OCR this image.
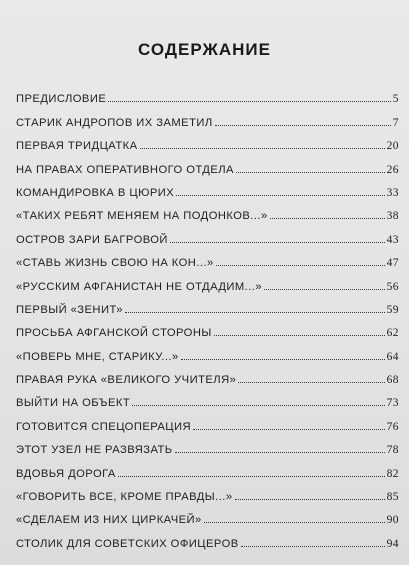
СОДЕРЖАНИЕ
ПРЕДИСЛОВИЕ	5
СТАРИК АНДРОПОВ ИХ ЗАМЕТИЛ	7
ПЕРВАЯ ТРИДЦАТКА	20
НА ПРАВАХ ОПЕРАТИВНОГО ОТДЕЛА	26
КОМАНДИРОВКА В ЦЮРИХ	33
«ТАКИХ РЕБЯТ МЕНЯЕМ НА ПОДОНКОВ...»	38
ОСТРОВ ЗАРИ БАГРОВОЙ	43
«СТАВЬ ЖИЗНЬ СВОЮ НА КОН...»	47
«РУССКИМ АФГАНИСТАН НЕ ОТДАДИМ...»	56
ПЕРВЫЙ «ЗЕНИТ»	59
ПРОСЬБА АФГАНСКОЙ СТОРОНЫ	62
«ПОВЕРЬ МНЕ, СТАРИКУ...»	64
ПРАВАЯ РУКА «ВЕЛИКОГО УЧИТЕЛЯ»	68
ВЫЙТИ НА ОБЪЕКТ	73
ГОТОВИТСЯ СПЕЦОПЕРАЦИЯ	76
ЭТОТ УЗЕЛ НЕ РАЗВЯЗАТЬ	78
ВДОВЬЯ ДОРОГА	82
«ГОВОРИТЬ ВСЕ, КРОМЕ ПРАВДЫ...»	85
«СДЕЛАЕМ ИЗ НИХ ЦИРКАЧЕЙ»	90
СТОЛИК ДЛЯ СОВЕТСКИХ ОФИЦЕРОВ	94
